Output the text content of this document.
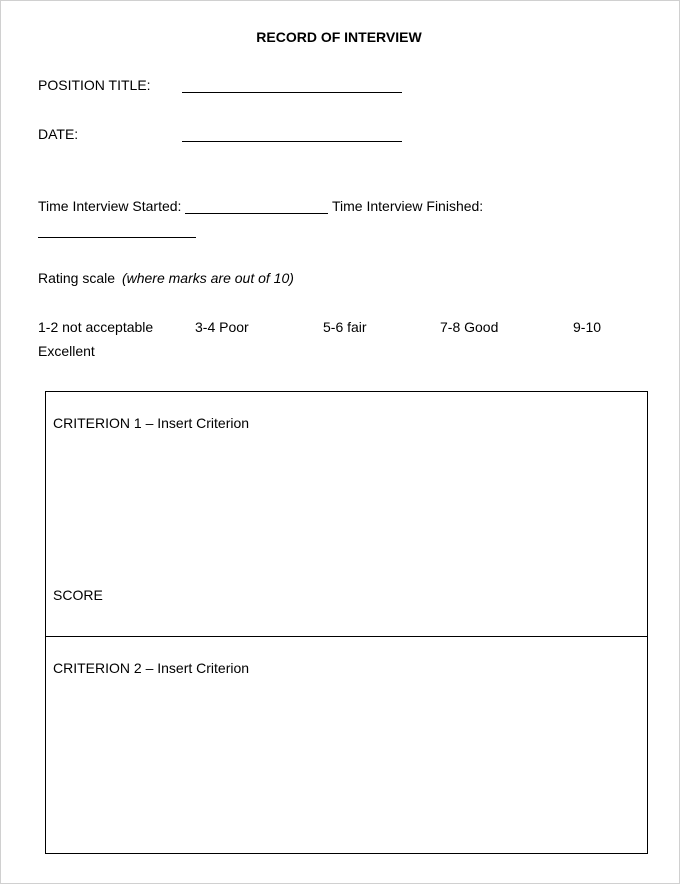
RECORD OF INTERVIEW
POSITION TITLE:
DATE:
Time Interview Started:	Time Interview Finished:
Rating scale (where marks are out of 10)
1-2 not acceptable	3-4 Poor	5-6 fair	7-8 Good	9-10
Excellent
CRITERION 1 – Insert Criterion
SCORE
CRITERION 2 – Insert Criterion
